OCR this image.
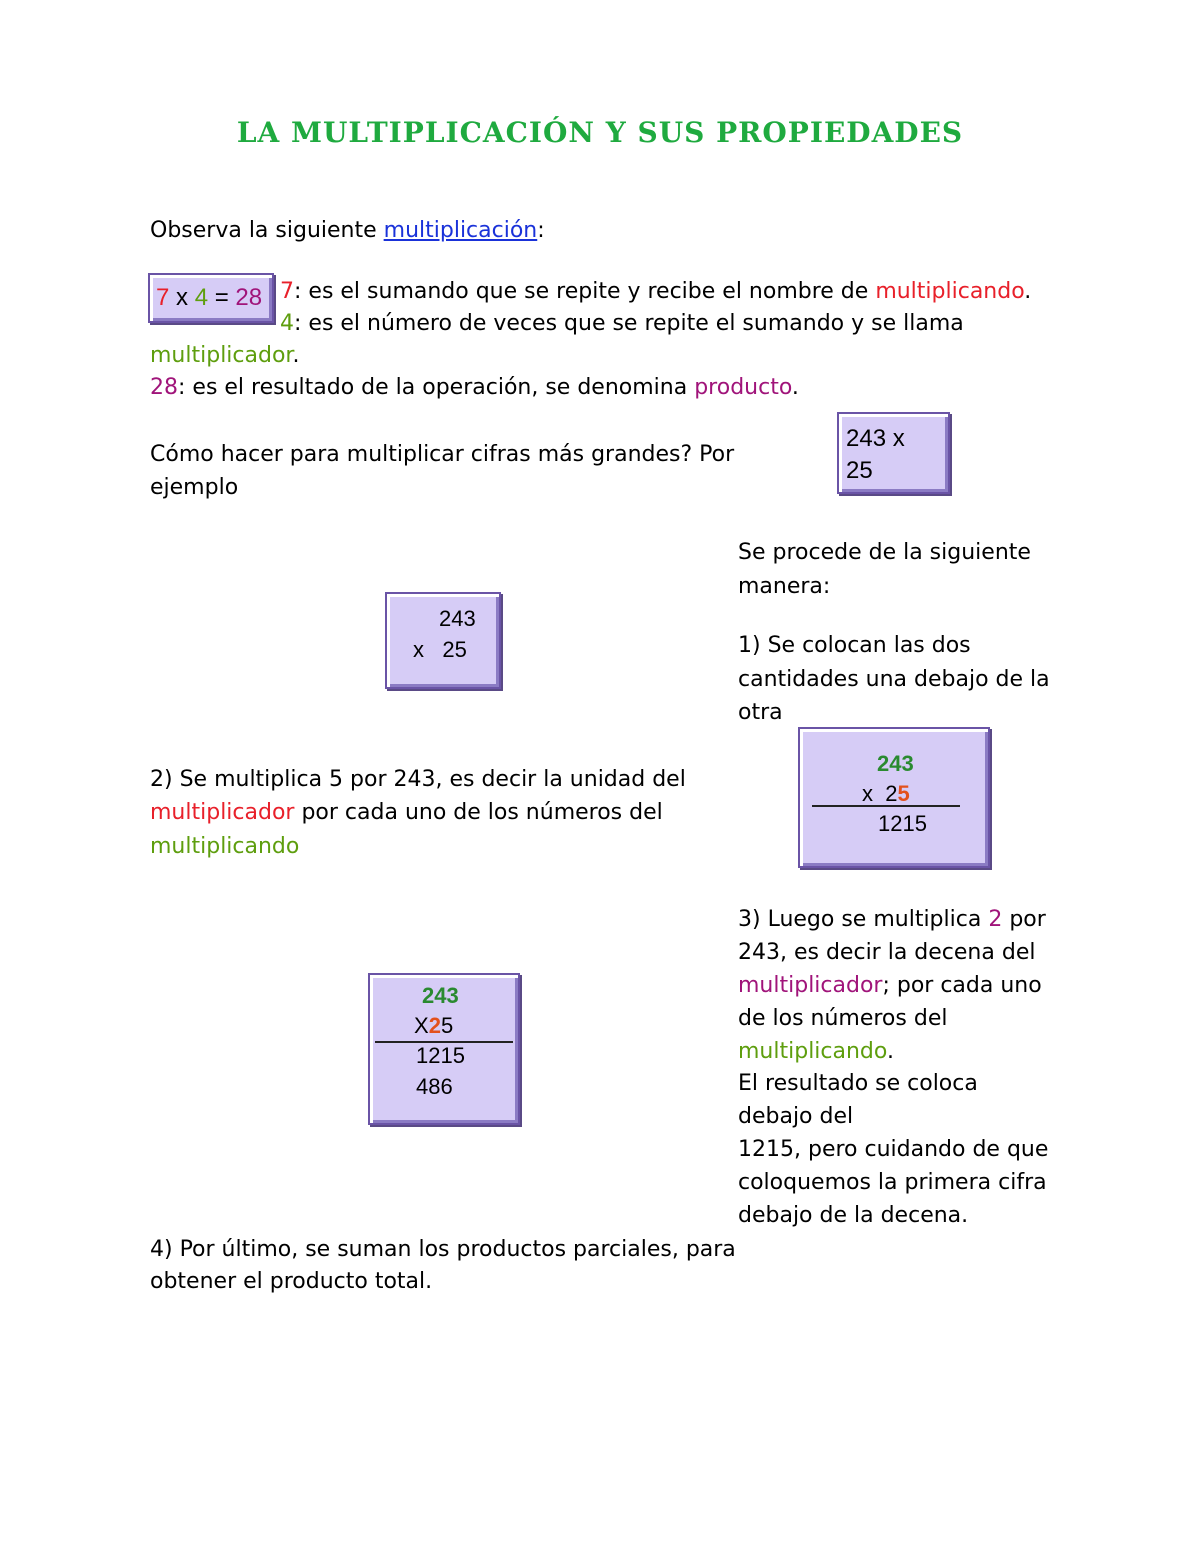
LA MULTIPLICACIÓN Y SUS PROPIEDADES
Observa la siguiente multiplicación:
7 x 4 = 28 7: es el sumando que se repite y recibe el nombre de multiplicando.
4: es el número de veces que se repite el sumando y se llama
multiplicador.
28: es el resultado de la operación, se denomina producto.
Cómo hacer para multiplicar cifras más grandes? Por
ejemplo
243 x
25
Se procede de la siguiente
manera:
243
x   25	1) Se colocan las dos
cantidades una debajo de la
otra
243
x  25
1215
2) Se multiplica 5 por 243, es decir la unidad del
multiplicador por cada uno de los números del
multiplicando
3) Luego se multiplica 2 por
243, es decir la decena del
multiplicador; por cada uno
de los números del
multiplicando.
El resultado se coloca
debajo del
1215, pero cuidando de que
coloquemos la primera cifra
debajo de la decena.
243
X25
1215
486
4) Por último, se suman los productos parciales, para
obtener el producto total.
